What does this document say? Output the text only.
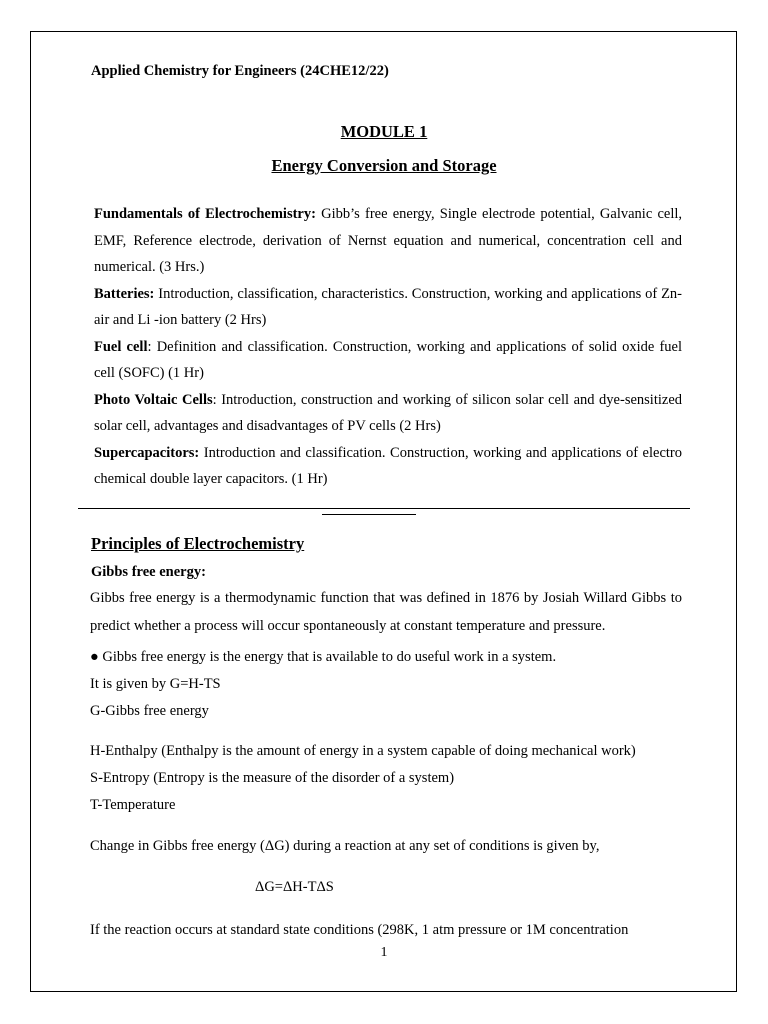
Applied Chemistry for Engineers (24CHE12/22)
MODULE 1
Energy Conversion and Storage

Fundamentals of Electrochemistry: Gibb’s free energy, Single electrode potential, Galvanic cell, EMF, Reference electrode, derivation of Nernst equation and numerical, concentration cell and numerical. (3 Hrs.)

Batteries: Introduction, classification, characteristics. Construction, working and applications of Zn- air and Li -ion battery (2 Hrs)

Fuel cell: Definition and classification. Construction, working and applications of solid oxide fuel cell (SOFC) (1 Hr)

Photo Voltaic Cells: Introduction, construction and working of silicon solar cell and dye-sensitized solar cell, advantages and disadvantages of PV cells (2 Hrs)

Supercapacitors: Introduction and classification. Construction, working and applications of electro chemical double layer capacitors. (1 Hr)

Principles of Electrochemistry
Gibbs free energy:
Gibbs free energy is a thermodynamic function that was defined in 1876 by Josiah Willard Gibbs to predict whether a process will occur spontaneously at constant temperature and pressure.
● Gibbs free energy is the energy that is available to do useful work in a system.
It is given by G=H-TS
G-Gibbs free energy
H-Enthalpy (Enthalpy is the amount of energy in a system capable of doing mechanical work)
S-Entropy (Entropy is the measure of the disorder of a system)
T-Temperature
Change in Gibbs free energy (ΔG) during a reaction at any set of conditions is given by,
ΔG=ΔH-TΔS
If the reaction occurs at standard state conditions (298K, 1 atm pressure or 1M concentration
1
